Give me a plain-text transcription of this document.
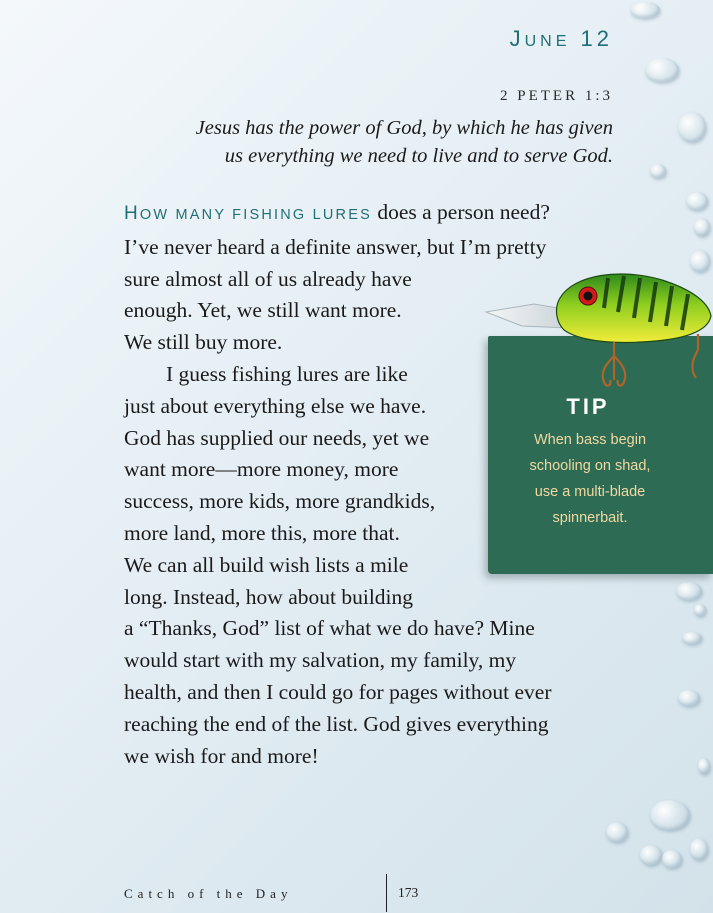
JUNE 12
2 PETER 1:3
Jesus has the power of God, by which he has given
us everything we need to live and to serve God.
HOW MANY FISHING LURES does a person need?
I’ve never heard a definite answer, but I’m pretty
sure almost all of us already have
enough. Yet, we still want more.
We still buy more.
I guess fishing lures are like
just about everything else we have.
God has supplied our needs, yet we
want more—more money, more
success, more kids, more grandkids,
more land, more this, more that.
We can all build wish lists a mile
long. Instead, how about building
a “Thanks, God” list of what we do have? Mine
would start with my salvation, my family, my
health, and then I could go for pages without ever
reaching the end of the list. God gives everything
we wish for and more!
TIP
When bass begin
schooling on shad,
use a multi-blade
spinnerbait.
Catch of the Day	173
